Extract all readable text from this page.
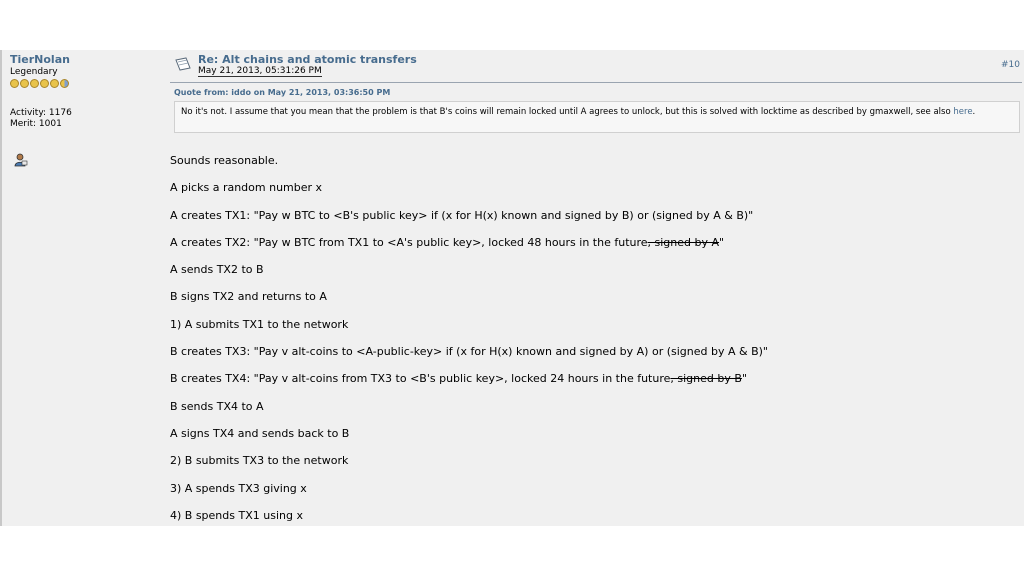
TierNolan
Legendary
Activity: 1176
Merit: 1001
Re: Alt chains and atomic transfers
May 21, 2013, 05:31:26 PM
#10
Quote from: iddo on May 21, 2013, 03:36:50 PM
No it's not. I assume that you mean that the problem is that B's coins will remain locked until A agrees to unlock, but this is solved with locktime as described by gmaxwell, see also here.
Sounds reasonable.
A picks a random number x
A creates TX1: "Pay w BTC to <B's public key> if (x for H(x) known and signed by B) or (signed by A & B)"
A creates TX2: "Pay w BTC from TX1 to <A's public key>, locked 48 hours in the future, signed by A"
A sends TX2 to B
B signs TX2 and returns to A
1) A submits TX1 to the network
B creates TX3: "Pay v alt-coins to <A-public-key> if (x for H(x) known and signed by A) or (signed by A & B)"
B creates TX4: "Pay v alt-coins from TX3 to <B's public key>, locked 24 hours in the future, signed by B"
B sends TX4 to A
A signs TX4 and sends back to B
2) B submits TX3 to the network
3) A spends TX3 giving x
4) B spends TX1 using x
